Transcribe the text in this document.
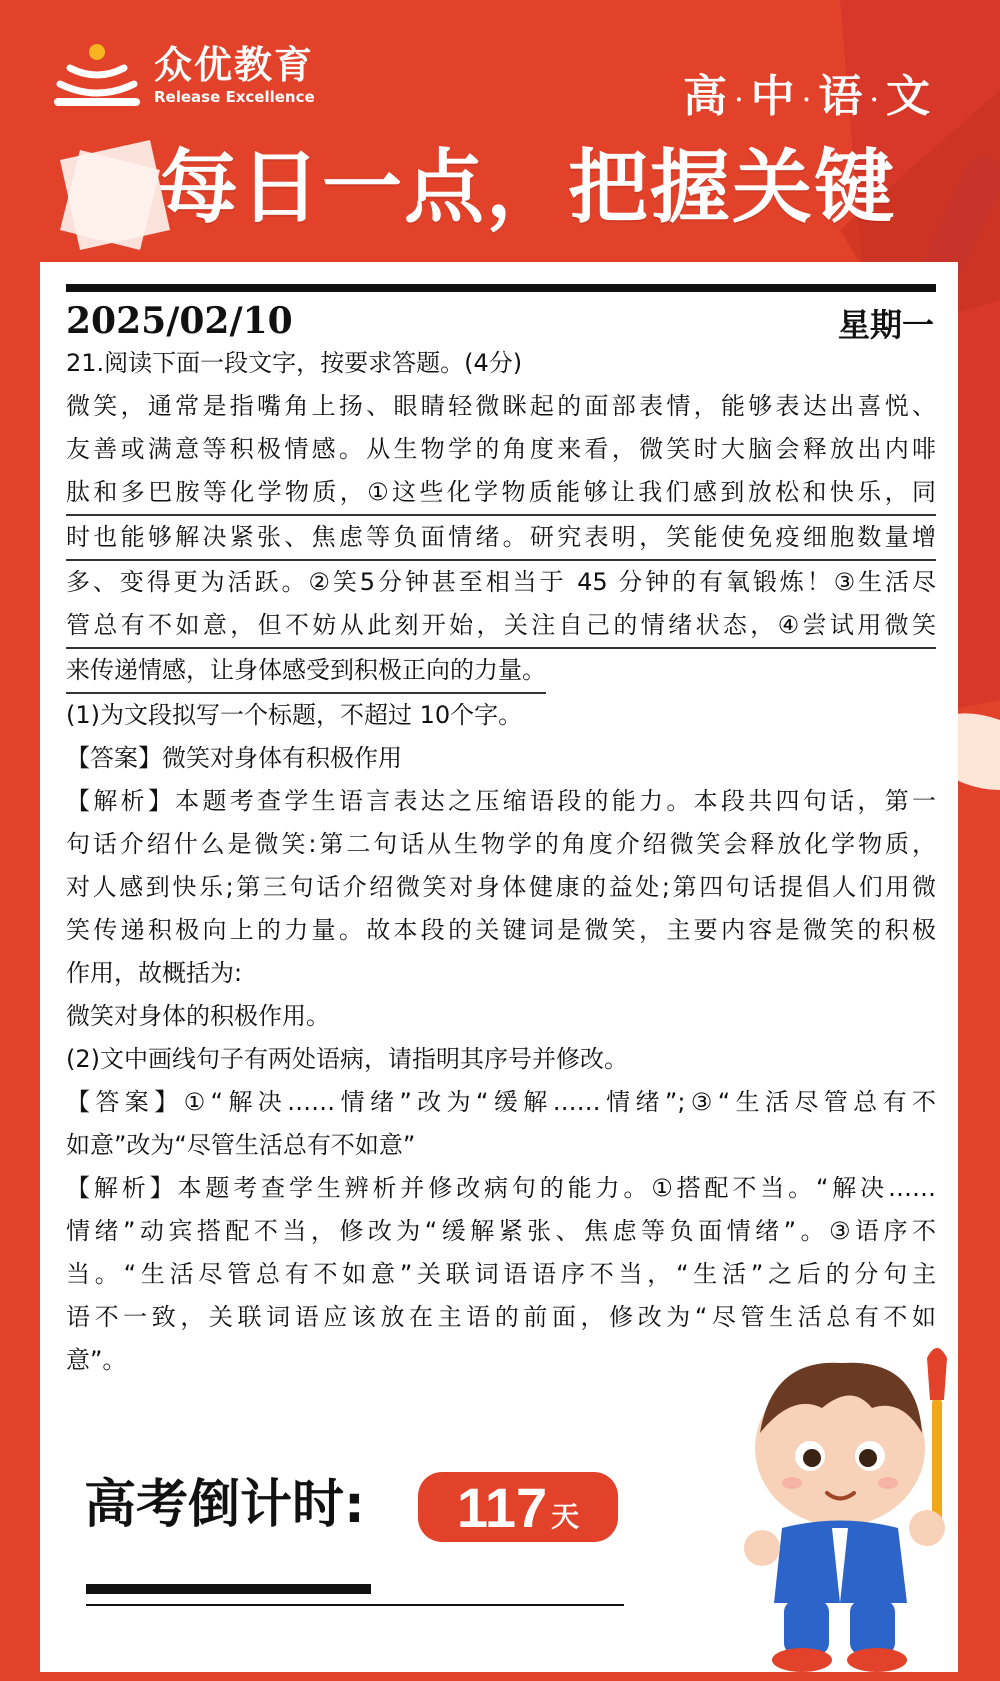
众优教育
Release Excellence	高 · 中 · 语 · 文
每日一点，把握关键
2025/02/10	星期一

21.阅读下面一段文字，按要求答题。(4分)

微笑，通常是指嘴角上扬、眼睛轻微眯起的面部表情，能够表达出喜悦、

友善或满意等积极情感。从生物学的角度来看，微笑时大脑会释放出内啡

肽和多巴胺等化学物质，①这些化学物质能够让我们感到放松和快乐，同

时也能够解决紧张、焦虑等负面情绪。研究表明，笑能使免疫细胞数量增

多、变得更为活跃。②笑5分钟甚至相当于 45 分钟的有氧锻炼！③生活尽

管总有不如意，但不妨从此刻开始，关注自己的情绪状态，④尝试用微笑

来传递情感，让身体感受到积极正向的力量。

(1)为文段拟写一个标题，不超过 10个字。

【答案】微笑对身体有积极作用

【解析】本题考查学生语言表达之压缩语段的能力。本段共四句话，第一

句话介绍什么是微笑:第二句话从生物学的角度介绍微笑会释放化学物质，

对人感到快乐;第三句话介绍微笑对身体健康的益处;第四句话提倡人们用微

笑传递积极向上的力量。故本段的关键词是微笑，主要内容是微笑的积极

作用，故概括为:

微笑对身体的积极作用。

(2)文中画线句子有两处语病，请指明其序号并修改。

【答案】①“解决……情绪”改为“缓解……情绪”;③“生活尽管总有不

如意”改为“尽管生活总有不如意”

【解析】本题考查学生辨析并修改病句的能力。①搭配不当。“解决……

情绪”动宾搭配不当，修改为“缓解紧张、焦虑等负面情绪”。③语序不

当。“生活尽管总有不如意”关联词语语序不当，“生活”之后的分句主

语不一致，关联词语应该放在主语的前面，修改为“尽管生活总有不如

意”。

高考倒计时: 117 天
